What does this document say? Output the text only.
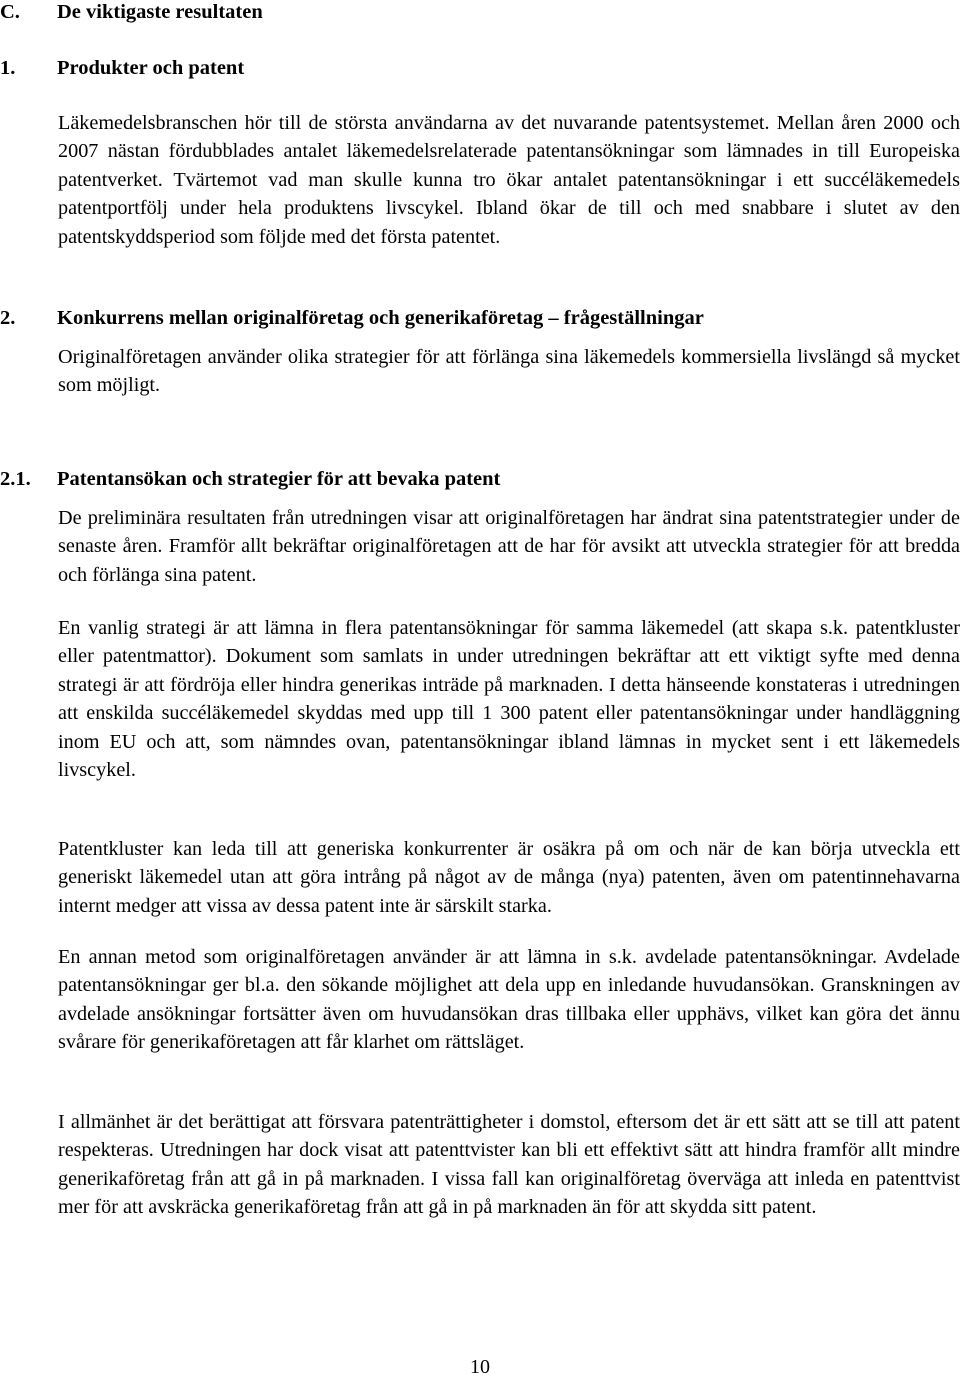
C. De viktigaste resultaten
1. Produkter och patent

Läkemedelsbranschen hör till de största användarna av det nuvarande patentsystemet. Mellan åren 2000 och 2007 nästan fördubblades antalet läkemedelsrelaterade patentansökningar som lämnades in till Europeiska patentverket. Tvärtemot vad man skulle kunna tro ökar antalet patentansökningar i ett succéläkemedels patentportfölj under hela produktens livscykel. Ibland ökar de till och med snabbare i slutet av den patentskyddsperiod som följde med det första patentet.

2. Konkurrens mellan originalföretag och generikaföretag – frågeställningar

Originalföretagen använder olika strategier för att förlänga sina läkemedels kommersiella livslängd så mycket som möjligt.

2.1. Patentansökan och strategier för att bevaka patent

De preliminära resultaten från utredningen visar att originalföretagen har ändrat sina patentstrategier under de senaste åren. Framför allt bekräftar originalföretagen att de har för avsikt att utveckla strategier för att bredda och förlänga sina patent.

En vanlig strategi är att lämna in flera patentansökningar för samma läkemedel (att skapa s.k. patentkluster eller patentmattor). Dokument som samlats in under utredningen bekräftar att ett viktigt syfte med denna strategi är att fördröja eller hindra generikas inträde på marknaden. I detta hänseende konstateras i utredningen att enskilda succéläkemedel skyddas med upp till 1 300 patent eller patentansökningar under handläggning inom EU och att, som nämndes ovan, patentansökningar ibland lämnas in mycket sent i ett läkemedels livscykel.

Patentkluster kan leda till att generiska konkurrenter är osäkra på om och när de kan börja utveckla ett generiskt läkemedel utan att göra intrång på något av de många (nya) patenten, även om patentinnehavarna internt medger att vissa av dessa patent inte är särskilt starka.

En annan metod som originalföretagen använder är att lämna in s.k. avdelade patentansökningar. Avdelade patentansökningar ger bl.a. den sökande möjlighet att dela upp en inledande huvudansökan. Granskningen av avdelade ansökningar fortsätter även om huvudansökan dras tillbaka eller upphävs, vilket kan göra det ännu svårare för generikaföretagen att får klarhet om rättsläget.

I allmänhet är det berättigat att försvara patenträttigheter i domstol, eftersom det är ett sätt att se till att patent respekteras. Utredningen har dock visat att patenttvister kan bli ett effektivt sätt att hindra framför allt mindre generikaföretag från att gå in på marknaden. I vissa fall kan originalföretag överväga att inleda en patenttvist mer för att avskräcka generikaföretag från att gå in på marknaden än för att skydda sitt patent.

10
